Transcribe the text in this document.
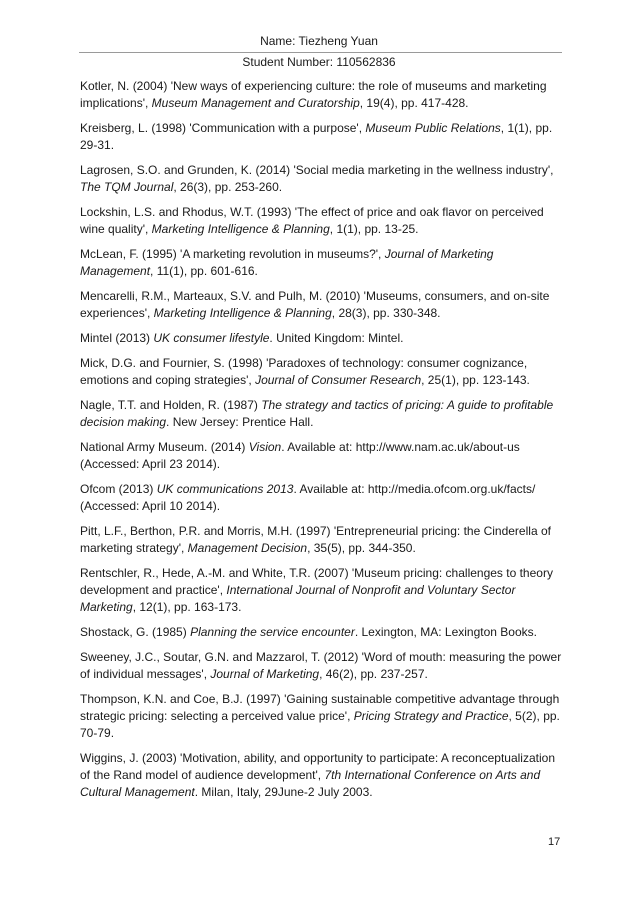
Name: Tiezheng Yuan
Student Number: 110562836

Kotler, N. (2004) 'New ways of experiencing culture: the role of museums and marketing implications', Museum Management and Curatorship, 19(4), pp. 417-428.

Kreisberg, L. (1998) 'Communication with a purpose', Museum Public Relations, 1(1), pp. 29-31.

Lagrosen, S.O. and Grunden, K. (2014) 'Social media marketing in the wellness industry', The TQM Journal, 26(3), pp. 253-260.

Lockshin, L.S. and Rhodus, W.T. (1993) 'The effect of price and oak flavor on perceived wine quality', Marketing Intelligence & Planning, 1(1), pp. 13-25.

McLean, F. (1995) 'A marketing revolution in museums?', Journal of Marketing Management, 11(1), pp. 601-616.

Mencarelli, R.M., Marteaux, S.V. and Pulh, M. (2010) 'Museums, consumers, and on-site experiences', Marketing Intelligence & Planning, 28(3), pp. 330-348.

Mintel (2013) UK consumer lifestyle. United Kingdom: Mintel.

Mick, D.G. and Fournier, S. (1998) 'Paradoxes of technology: consumer cognizance, emotions and coping strategies', Journal of Consumer Research, 25(1), pp. 123-143.

Nagle, T.T. and Holden, R. (1987) The strategy and tactics of pricing: A guide to profitable decision making. New Jersey: Prentice Hall.

National Army Museum. (2014) Vision. Available at: http://www.nam.ac.uk/about-us (Accessed: April 23 2014).

Ofcom (2013) UK communications 2013. Available at: http://media.ofcom.org.uk/facts/ (Accessed: April 10 2014).

Pitt, L.F., Berthon, P.R. and Morris, M.H. (1997) 'Entrepreneurial pricing: the Cinderella of marketing strategy', Management Decision, 35(5), pp. 344-350.

Rentschler, R., Hede, A.-M. and White, T.R. (2007) 'Museum pricing: challenges to theory development and practice', International Journal of Nonprofit and Voluntary Sector Marketing, 12(1), pp. 163-173.

Shostack, G. (1985) Planning the service encounter. Lexington, MA: Lexington Books.

Sweeney, J.C., Soutar, G.N. and Mazzarol, T. (2012) 'Word of mouth: measuring the power of individual messages', Journal of Marketing, 46(2), pp. 237-257.

Thompson, K.N. and Coe, B.J. (1997) 'Gaining sustainable competitive advantage through strategic pricing: selecting a perceived value price', Pricing Strategy and Practice, 5(2), pp. 70-79.

Wiggins, J. (2003) 'Motivation, ability, and opportunity to participate: A reconceptualization of the Rand model of audience development', 7th International Conference on Arts and Cultural Management. Milan, Italy, 29June-2 July 2003.

17
